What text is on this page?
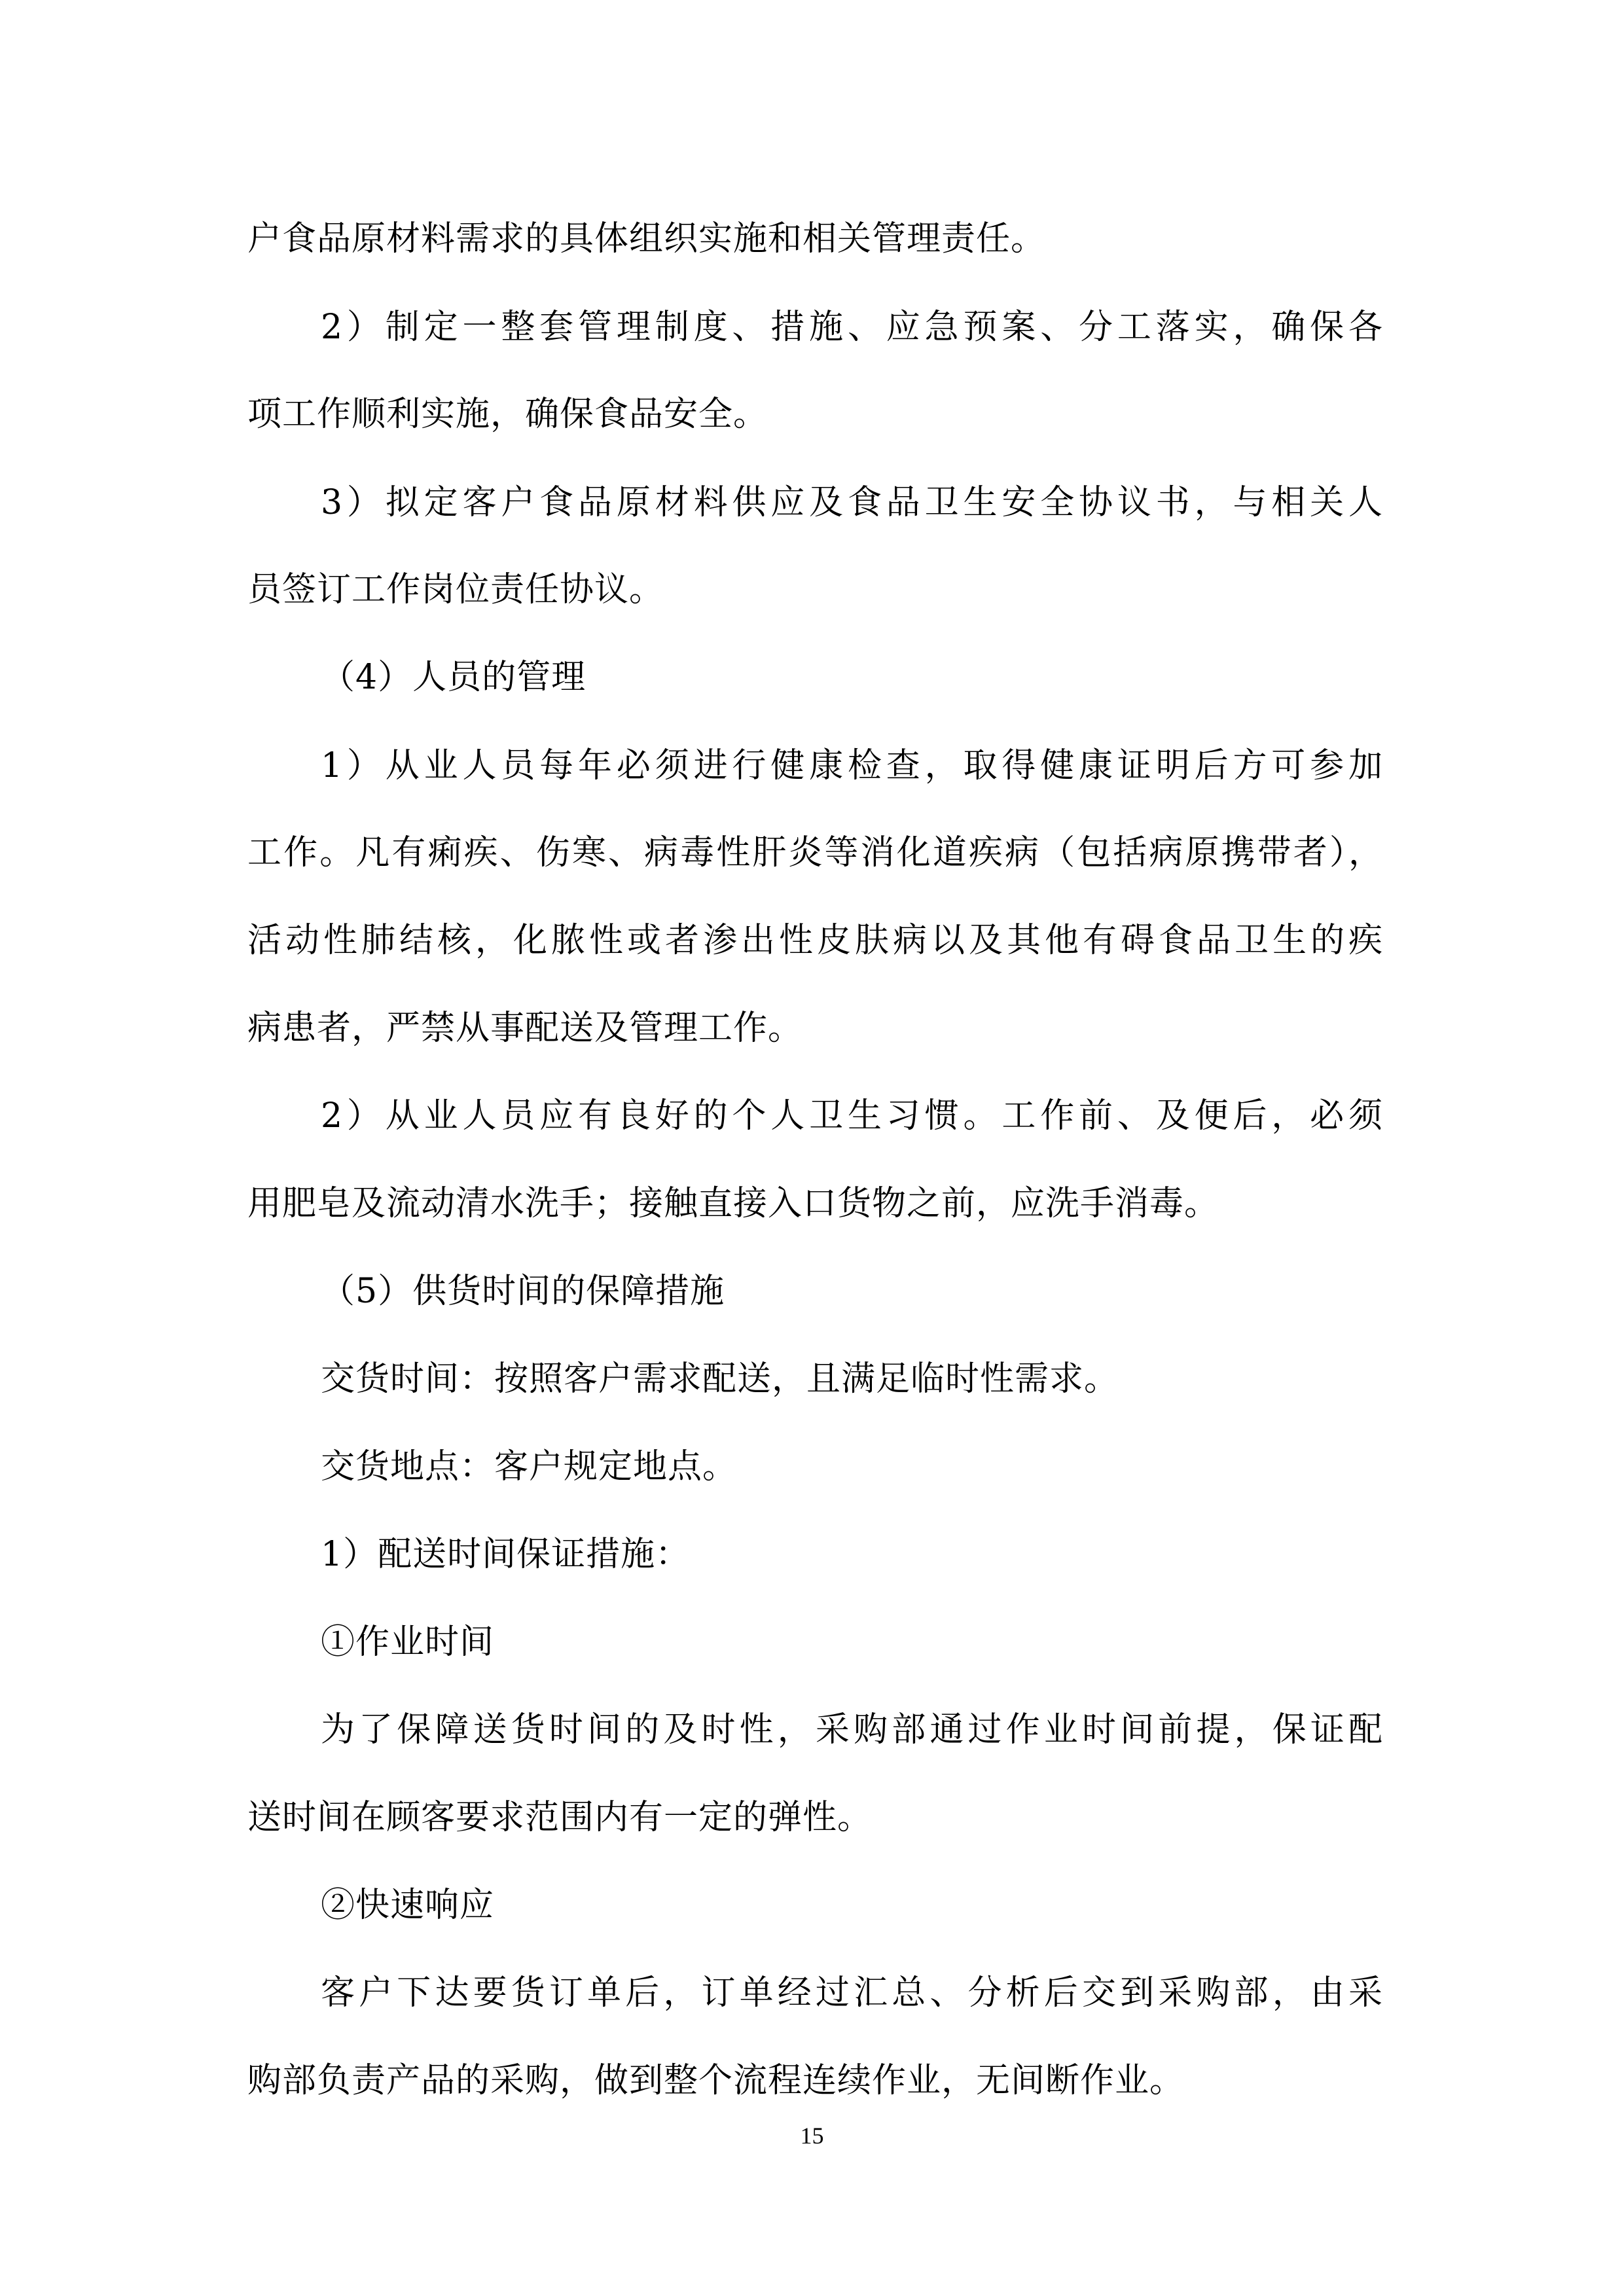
户食品原材料需求的具体组织实施和相关管理责任。
2）制定一整套管理制度、措施、应急预案、分工落实，确保各
项工作顺利实施，确保食品安全。
3）拟定客户食品原材料供应及食品卫生安全协议书，与相关人
员签订工作岗位责任协议。
（4）人员的管理
1）从业人员每年必须进行健康检查，取得健康证明后方可参加
工作。凡有痢疾、伤寒、病毒性肝炎等消化道疾病（包括病原携带者），
活动性肺结核，化脓性或者渗出性皮肤病以及其他有碍食品卫生的疾
病患者，严禁从事配送及管理工作。
2）从业人员应有良好的个人卫生习惯。工作前、及便后，必须
用肥皂及流动清水洗手；接触直接入口货物之前，应洗手消毒。
（5）供货时间的保障措施
交货时间：按照客户需求配送，且满足临时性需求。
交货地点：客户规定地点。
1）配送时间保证措施：
①作业时间
为了保障送货时间的及时性，采购部通过作业时间前提，保证配
送时间在顾客要求范围内有一定的弹性。
②快速响应
客户下达要货订单后，订单经过汇总、分析后交到采购部，由采
购部负责产品的采购，做到整个流程连续作业，无间断作业。
15
